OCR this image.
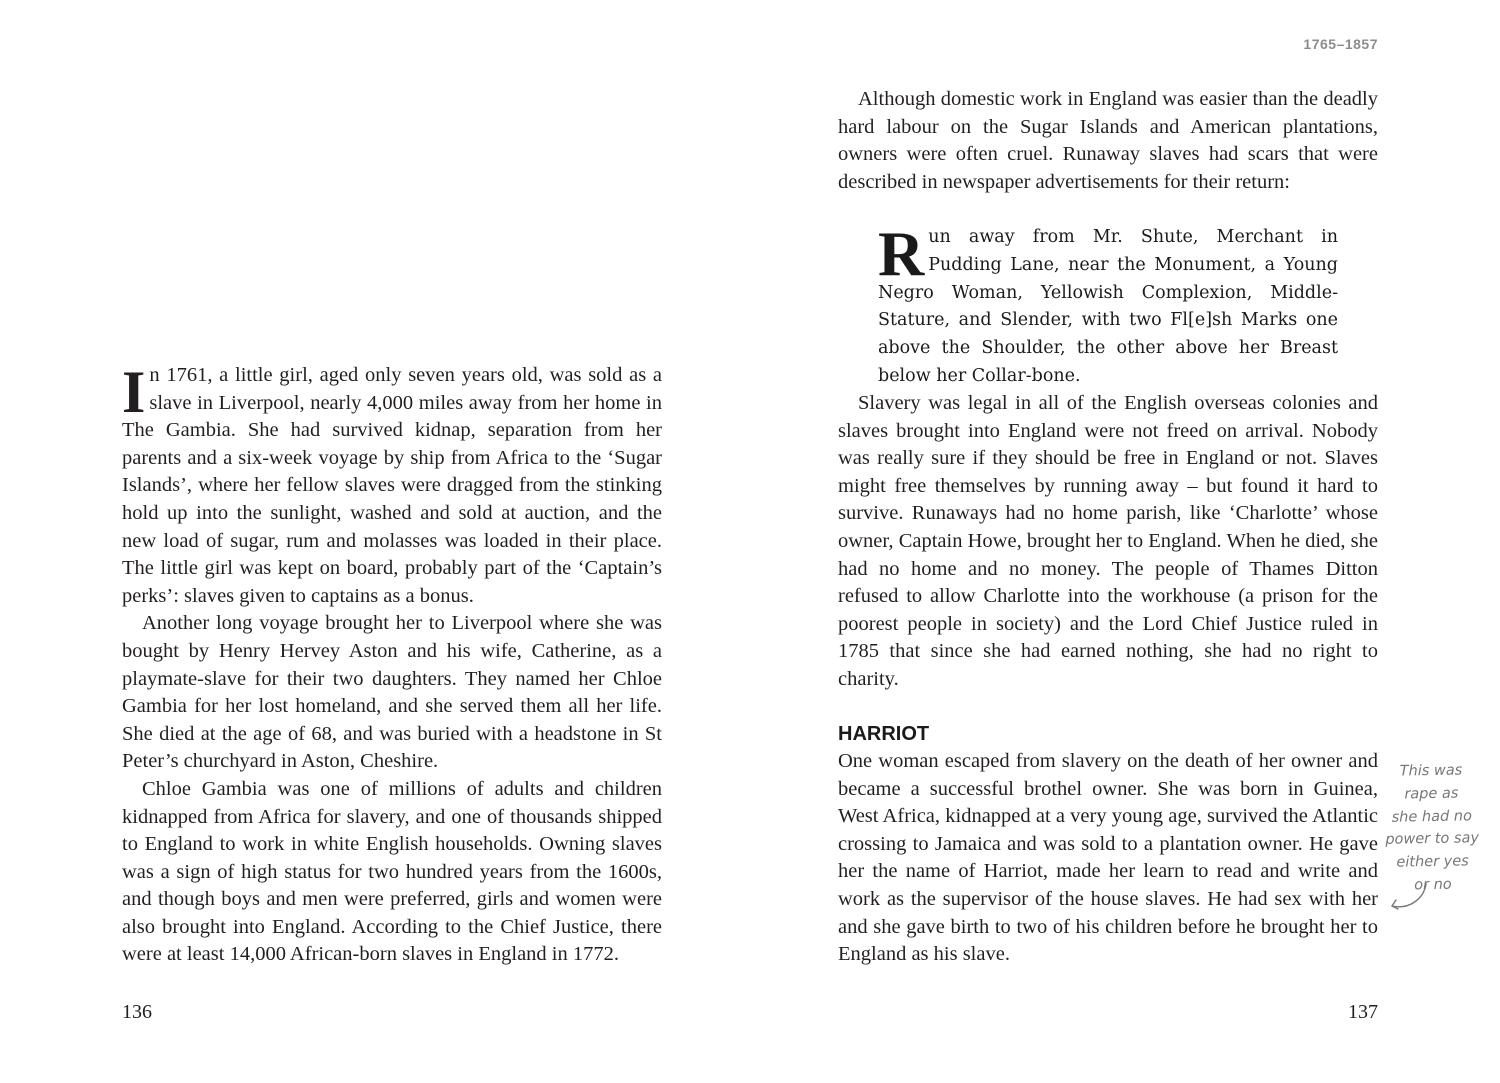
In 1761, a little girl, aged only seven years old, was sold as a slave in Liverpool, nearly 4,000 miles away from her home in The Gambia. She had survived kidnap, separation from her parents and a six-week voyage by ship from Africa to the ‘Sugar Islands’, where her fellow slaves were dragged from the stinking hold up into the sunlight, washed and sold at auction, and the new load of sugar, rum and molasses was loaded in their place. The little girl was kept on board, probably part of the ‘Captain’s perks’: slaves given to captains as a bonus.

Another long voyage brought her to Liverpool where she was bought by Henry Hervey Aston and his wife, Catherine, as a playmate-slave for their two daughters. They named her Chloe Gambia for her lost homeland, and she served them all her life. She died at the age of 68, and was buried with a headstone in St Peter’s churchyard in Aston, Cheshire.

Chloe Gambia was one of millions of adults and children kidnapped from Africa for slavery, and one of thousands shipped to England to work in white English households. Owning slaves was a sign of high status for two hundred years from the 1600s, and though boys and men were preferred, girls and women were also brought into England. According to the Chief Justice, there were at least 14,000 African-born slaves in England in 1772.

136
1765–1857

Although domestic work in England was easier than the deadly hard labour on the Sugar Islands and American plantations, owners were often cruel. Runaway slaves had scars that were described in newspaper advertisements for their return:

Run away from Mr. Shute, Merchant in Pudding Lane, near the Monument, a Young Negro Woman, Yellowish Complexion, Middle-Stature, and Slender, with two Fl[e]sh Marks one above the Shoulder, the other above her Breast below her Collar-bone.

Slavery was legal in all of the English overseas colonies and slaves brought into England were not freed on arrival. Nobody was really sure if they should be free in England or not. Slaves might free themselves by running away – but found it hard to survive. Runaways had no home parish, like ‘Charlotte’ whose owner, Captain Howe, brought her to England. When he died, she had no home and no money. The people of Thames Ditton refused to allow Charlotte into the workhouse (a prison for the poorest people in society) and the Lord Chief Justice ruled in 1785 that since she had earned nothing, she had no right to charity.

HARRIOT

One woman escaped from slavery on the death of her owner and became a successful brothel owner. She was born in Guinea, West Africa, kidnapped at a very young age, survived the Atlantic crossing to Jamaica and was sold to a plantation owner. He gave her the name of Harriot, made her learn to read and write and work as the supervisor of the house slaves. He had sex with her and she gave birth to two of his children before he brought her to England as his slave.

This was
rape as
she had no
power to say
either yes
or no
137
